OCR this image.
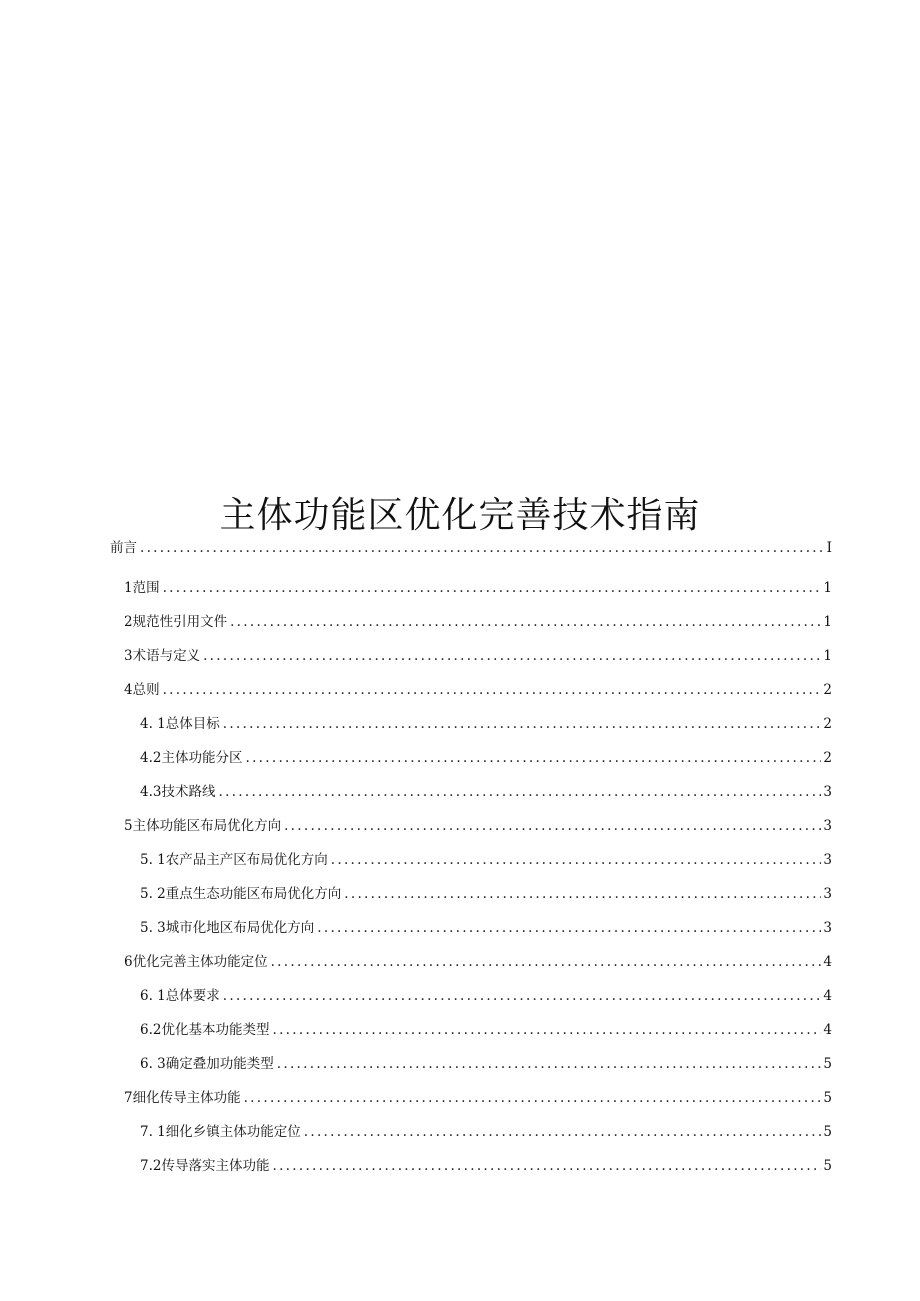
主体功能区优化完善技术指南
前言 .....	I
1范围 .....	1
2规范性引用文件 .....	1
3术语与定义 .....	1
4总则 .....	2
4. 1总体目标 .....	2
4.2主体功能分区 .....	2
4.3技术路线 .....	3
5主体功能区布局优化方向 .....	3
5. 1农产品主产区布局优化方向 .....	3
5. 2重点生态功能区布局优化方向 .....	3
5. 3城市化地区布局优化方向 .....	3
6优化完善主体功能定位 .....	4
6. 1总体要求 .....	4
6.2优化基本功能类型 .....	4
6. 3确定叠加功能类型 .....	5
7细化传导主体功能 .....	5
7. 1细化乡镇主体功能定位 .....	5
7.2传导落实主体功能 .....	5
